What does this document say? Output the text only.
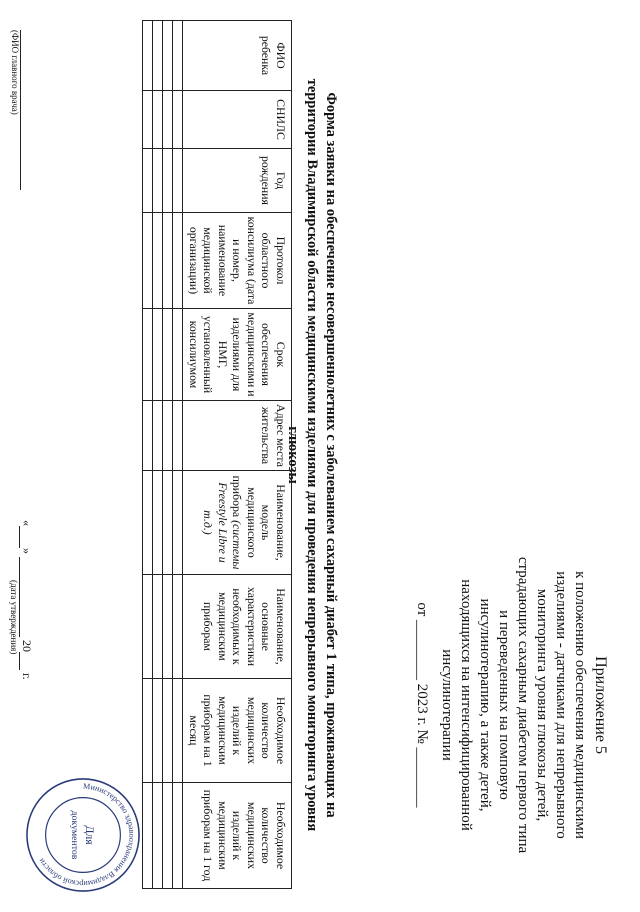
Приложение 5
к положению обеспечения медицинскими
изделиями - датчиками для непрерывного
мониторинга уровня глюкозы детей,
страдающих сахарным диабетом первого типа
и переведенных на помповую
инсулинотерапию, а также детей,
находящихся на интенсифицированной
инсулинотерапии
от ________ 2023 г. № ________
Форма заявки на обеспечение несовершеннолетних с заболеванием сахарный диабет 1 типа, проживающих на территории Владимирской области медицинскими изделиями для проведения непрерывного мониторинга уровня глюкозы
ФИО ребенка	СНИЛС	Год рождения	Протокол областного консилиума (дата и номер, наименование медицинской организации)	Срок обеспечения медицинскими и изделиями для НМГ, установленный консилиумом	Адрес места жительства	Наименование, модель медицинского прибора (системы Freestyle Libre и т.д.)	Наименование, основные характеристики необходимых к медицинским приборам	Необходимое количество медицинских изделий к медицинским приборам на 1 месяц	Необходимое количество медицинских изделий к медицинским приборам на 1 год

(ФИО главного врача)
«»  20 г.
(дата утверждения)
Министерство здравоохранения Владимирской области
Для
документов
